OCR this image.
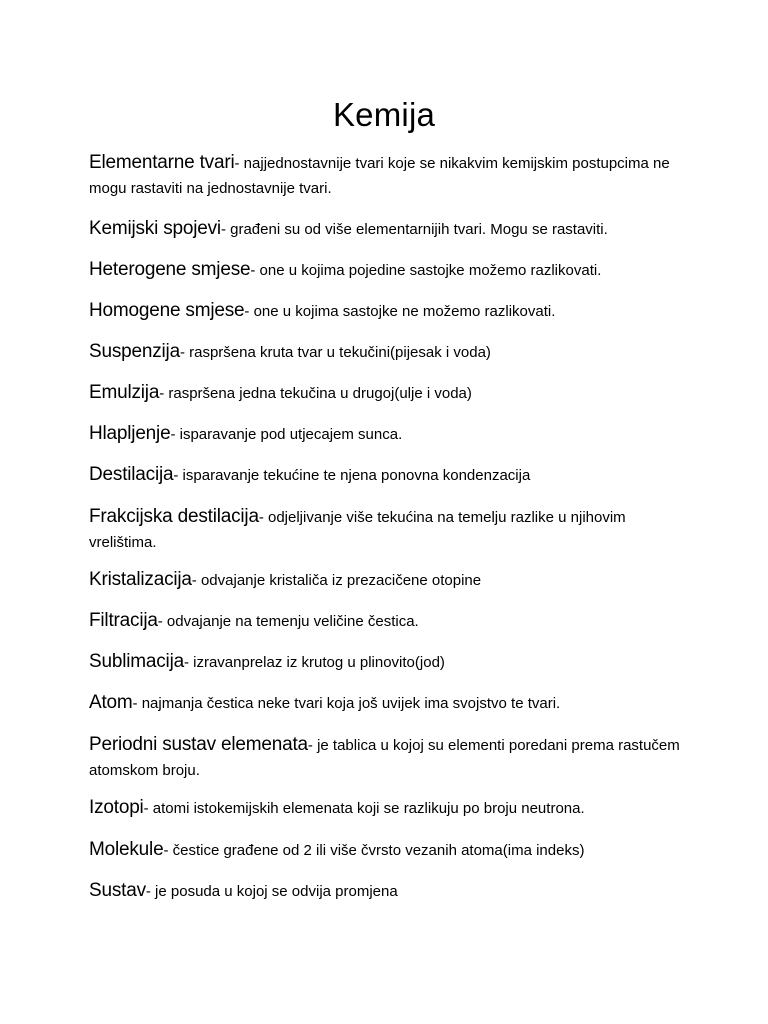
Kemija
Elementarne tvari- najjednostavnije tvari koje se nikakvim kemijskim postupcima ne mogu rastaviti na jednostavnije tvari.
Kemijski spojevi- građeni su od više elementarnijih tvari. Mogu se rastaviti.
Heterogene smjese- one u kojima pojedine sastojke možemo razlikovati.
Homogene smjese- one u kojima sastojke ne možemo razlikovati.
Suspenzija- raspršena kruta tvar u tekučini(pijesak i voda)
Emulzija- raspršena jedna tekučina u drugoj(ulje i voda)
Hlapljenje- isparavanje pod utjecajem sunca.
Destilacija- isparavanje tekućine te njena ponovna kondenzacija
Frakcijska destilacija- odjeljivanje više tekućina na temelju razlike u njihovim vrelištima.
Kristalizacija- odvajanje kristaliča iz prezacičene otopine
Filtracija- odvajanje na temenju veličine čestica.
Sublimacija- izravanprelaz iz krutog u plinovito(jod)
Atom- najmanja čestica neke tvari koja još uvijek ima svojstvo te tvari.
Periodni sustav elemenata- je tablica u kojoj su elementi poredani prema rastučem atomskom broju.
Izotopi- atomi istokemijskih elemenata koji se razlikuju po broju neutrona.
Molekule- čestice građene od 2 ili više čvrsto vezanih atoma(ima indeks)
Sustav- je posuda u kojoj se odvija promjena
